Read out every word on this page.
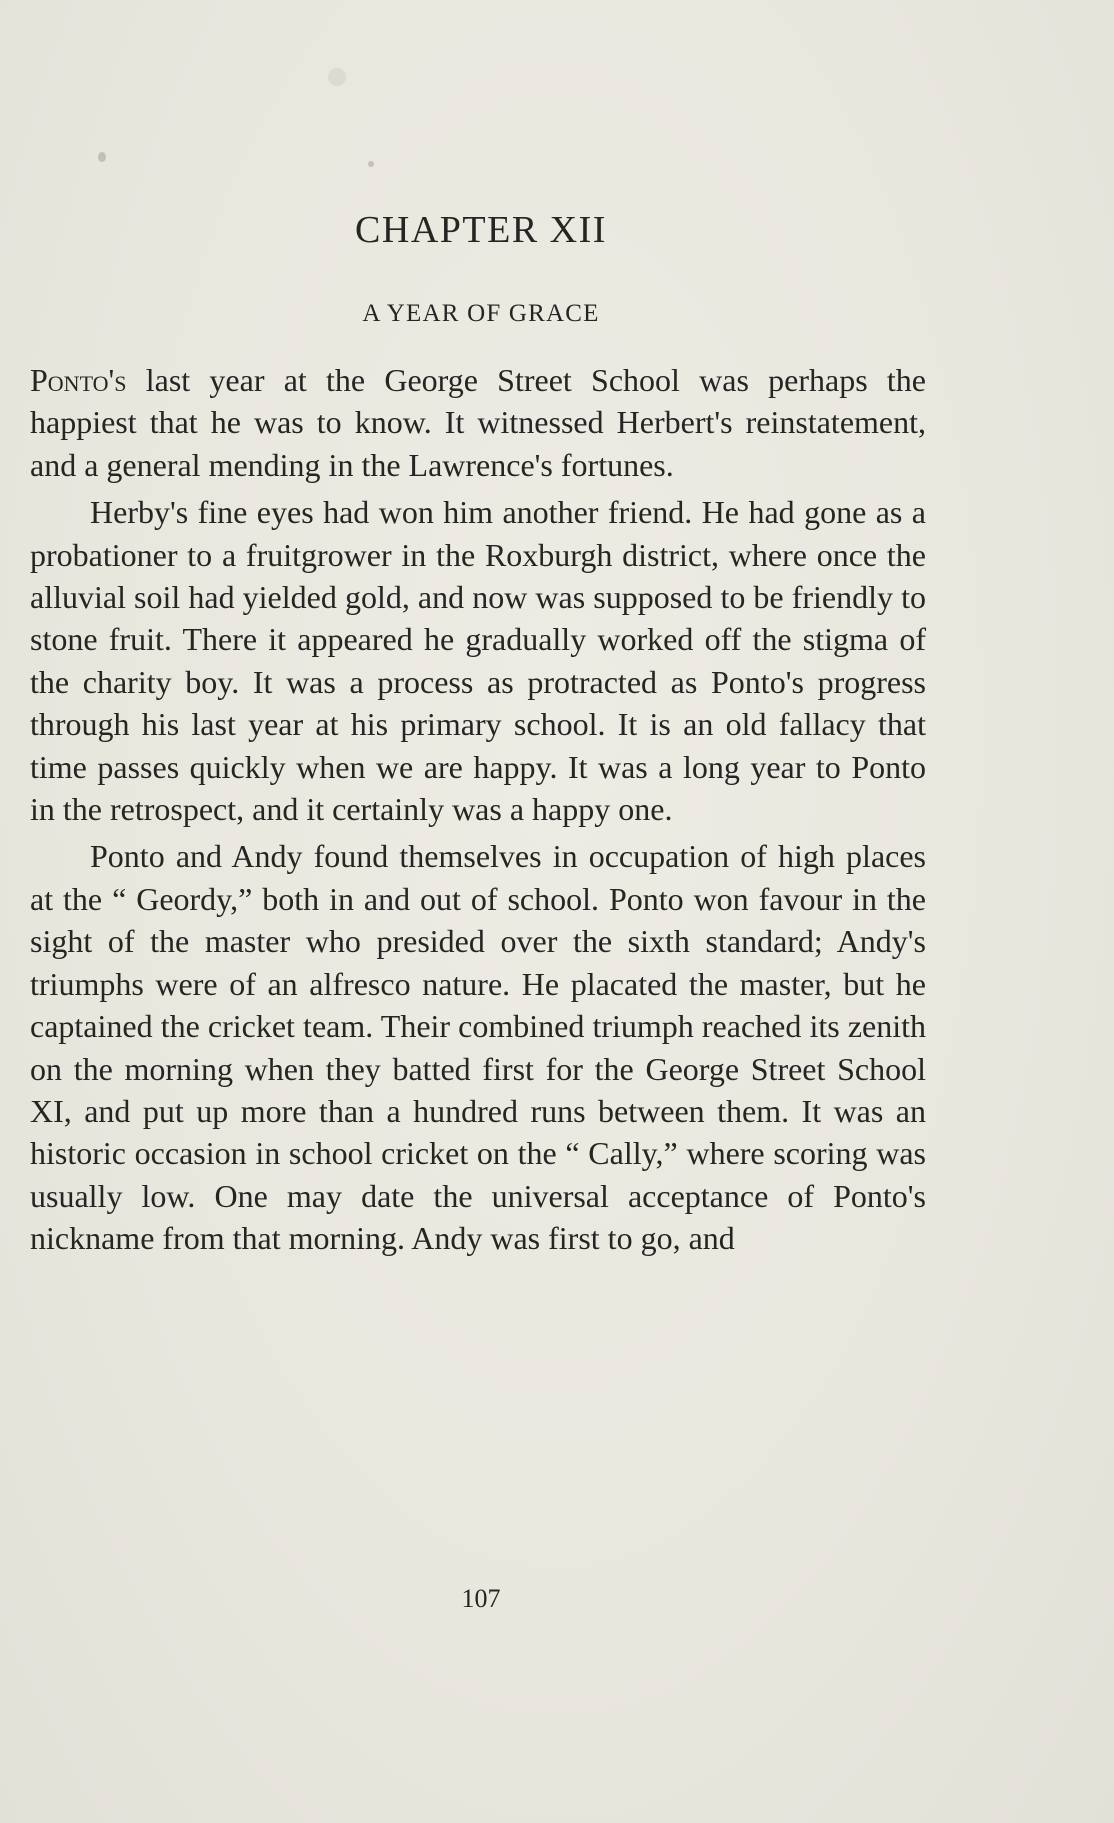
CHAPTER XII
A YEAR OF GRACE

Ponto's last year at the George Street School was perhaps the happiest that he was to know. It witnessed Herbert's reinstatement, and a general mending in the Lawrence's fortunes.

Herby's fine eyes had won him another friend. He had gone as a probationer to a fruitgrower in the Roxburgh district, where once the alluvial soil had yielded gold, and now was supposed to be friendly to stone fruit. There it appeared he gradually worked off the stigma of the charity boy. It was a process as protracted as Ponto's progress through his last year at his primary school. It is an old fallacy that time passes quickly when we are happy. It was a long year to Ponto in the retrospect, and it certainly was a happy one.

Ponto and Andy found themselves in occupation of high places at the “ Geordy,” both in and out of school. Ponto won favour in the sight of the master who presided over the sixth standard; Andy's triumphs were of an alfresco nature. He placated the master, but he captained the cricket team. Their combined triumph reached its zenith on the morning when they batted first for the George Street School XI, and put up more than a hundred runs between them. It was an historic occasion in school cricket on the “ Cally,” where scoring was usually low. One may date the universal acceptance of Ponto's nickname from that morning. Andy was first to go, and

107
